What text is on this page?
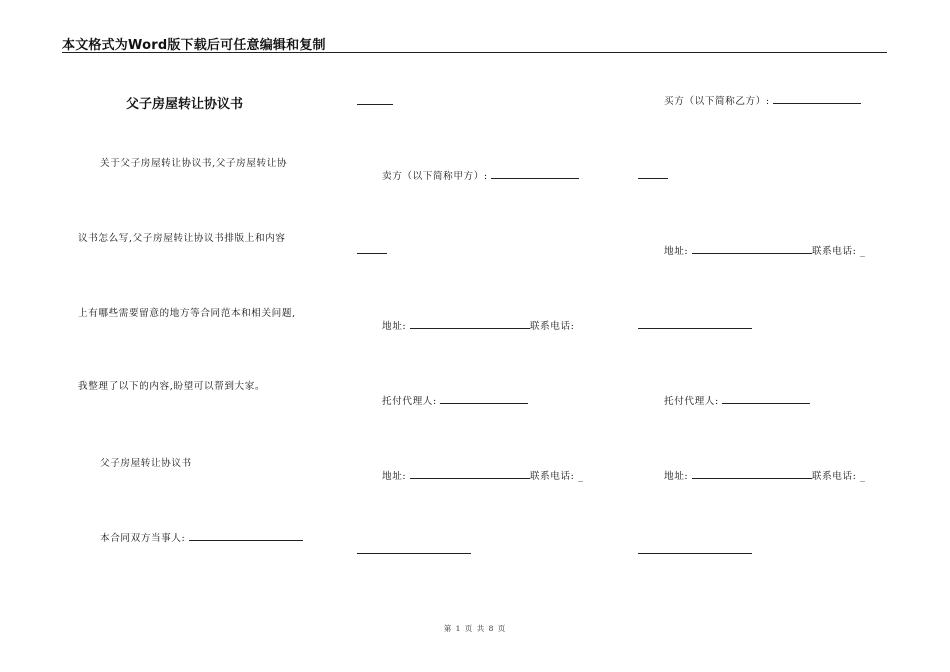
本文格式为Word版下载后可任意编辑和复制
父子房屋转让协议书
关于父子房屋转让协议书,父子房屋转让协
议书怎么写,父子房屋转让协议书排版上和内容
上有哪些需要留意的地方等合同范本和相关问题,
我整理了以下的内容,盼望可以帮到大家。
父子房屋转让协议书
本合同双方当事人:
卖方（以下简称甲方）:
地址:	联系电话:
托付代理人:
地址:	联系电话: _
买方（以下简称乙方）:
地址:	联系电话: _
托付代理人:
地址:	联系电话: _
第 1 页 共 8 页
